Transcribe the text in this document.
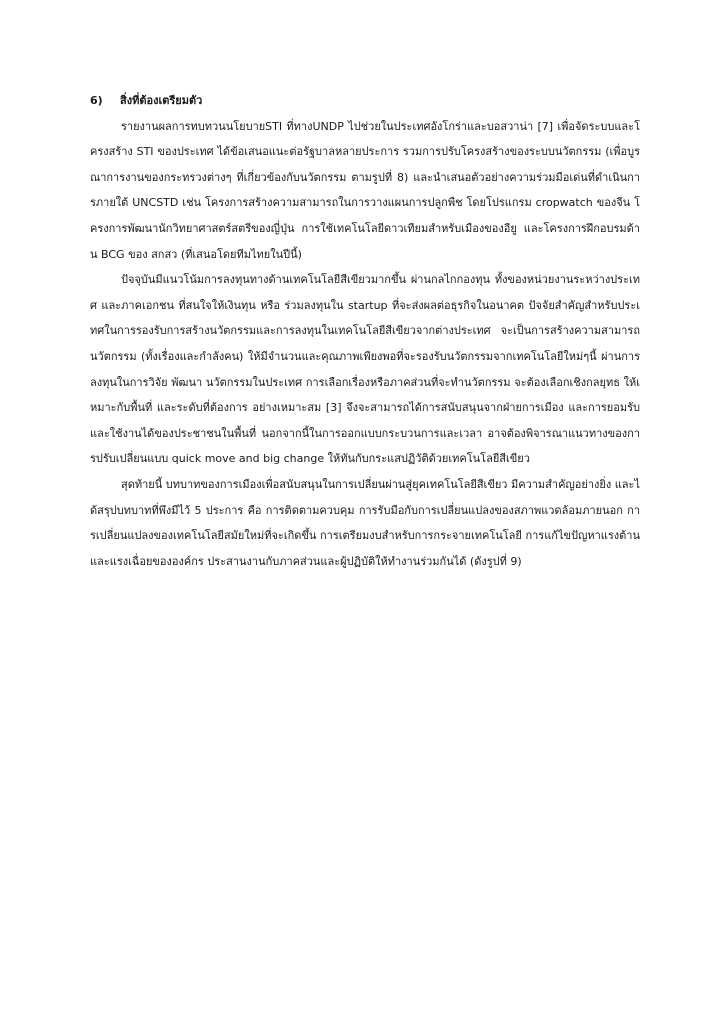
6)	สิ่งที่ต้องเตรียมตัว

รายงานผลการทบทวนนโยบายSTI ที่ทางUNDP ไปช่วยในประเทศอังโกร่าและบอสวาน่า [7] เพื่อจัดระบบและโครงสร้าง STI ของประเทศ ได้ข้อเสนอแนะต่อรัฐบาลหลายประการ รวมการปรับโครงสร้างของระบบนวัตกรรม (เพื่อบูรณาการงานของกระทรวงต่างๆ ที่เกี่ยวข้องกับนวัตกรรม ตามรูปที่ 8) และนำเสนอตัวอย่างความร่วมมือเด่นที่ดำเนินการภายใต้ UNCSTD เช่น โครงการสร้างความสามารถในการวางแผนการปลูกพืช โดยโปรแกรม cropwatch ของจีน โครงการพัฒนานักวิทยาศาสตร์สตรีของญี่ปุ่น การใช้เทคโนโลยีดาวเทียมสำหรับเมืองของอียู และโครงการฝึกอบรมด้าน BCG ของ สกสว (ที่เสนอโดยทีมไทยในปีนี้)

ปัจจุบันมีแนวโน้มการลงทุนทางด้านเทคโนโลยีสีเขียวมากขึ้น ผ่านกลไกกองทุน ทั้งของหน่วยงานระหว่างประเทศ และภาคเอกชน ที่สนใจให้เงินทุน หรือ ร่วมลงทุนใน startup ที่จะส่งผลต่อธุรกิจในอนาคต ปัจจัยสำคัญสำหรับประเทศในการรองรับการสร้างนวัตกรรมและการลงทุนในเทคโนโลยีสีเขียวจากต่างประเทศ จะเป็นการสร้างความสามารถนวัตกรรม (ทั้งเรื่องและกำลังคน) ให้มีจำนวนและคุณภาพเพียงพอที่จะรองรับนวัตกรรมจากเทคโนโลยีใหม่ๆนี้ ผ่านการลงทุนในการวิจัย พัฒนา นวัตกรรมในประเทศ การเลือกเรื่องหรือภาคส่วนที่จะทำนวัตกรรม จะต้องเลือกเชิงกลยุทธ ให้เหมาะกับพื้นที่ และระดับที่ต้องการ อย่างเหมาะสม [3] จึงจะสามารถได้การสนับสนุนจากฝ่ายการเมือง และการยอมรับและใช้งานได้ของประชาชนในพื้นที่ นอกจากนี้ในการออกแบบกระบวนการและเวลา อาจต้องพิจารณาแนวทางของการปรับเปลี่ยนแบบ quick move and big change ให้ทันกับกระแสปฏิวัติด้วยเทคโนโลยีสีเขียว

สุดท้ายนี้ บทบาทของการเมืองเพื่อสนับสนุนในการเปลี่ยนผ่านสู่ยุคเทคโนโลยีสีเขียว มีความสำคัญอย่างยิ่ง และได้สรุปบทบาทที่พึงมีไว้ 5 ประการ คือ การติดตามควบคุม การรับมือกับการเปลี่ยนแปลงของสภาพแวดล้อมภายนอก การเปลี่ยนแปลงของเทคโนโลยีสมัยใหม่ที่จะเกิดขึ้น การเตรียมงบสำหรับการกระจายเทคโนโลยี การแก้ไขปัญหาแรงต้านและแรงเฉื่อยขององค์กร ประสานงานกับภาคส่วนและผู้ปฏิบัติให้ทำงานร่วมกันได้ (ดังรูปที่ 9)
